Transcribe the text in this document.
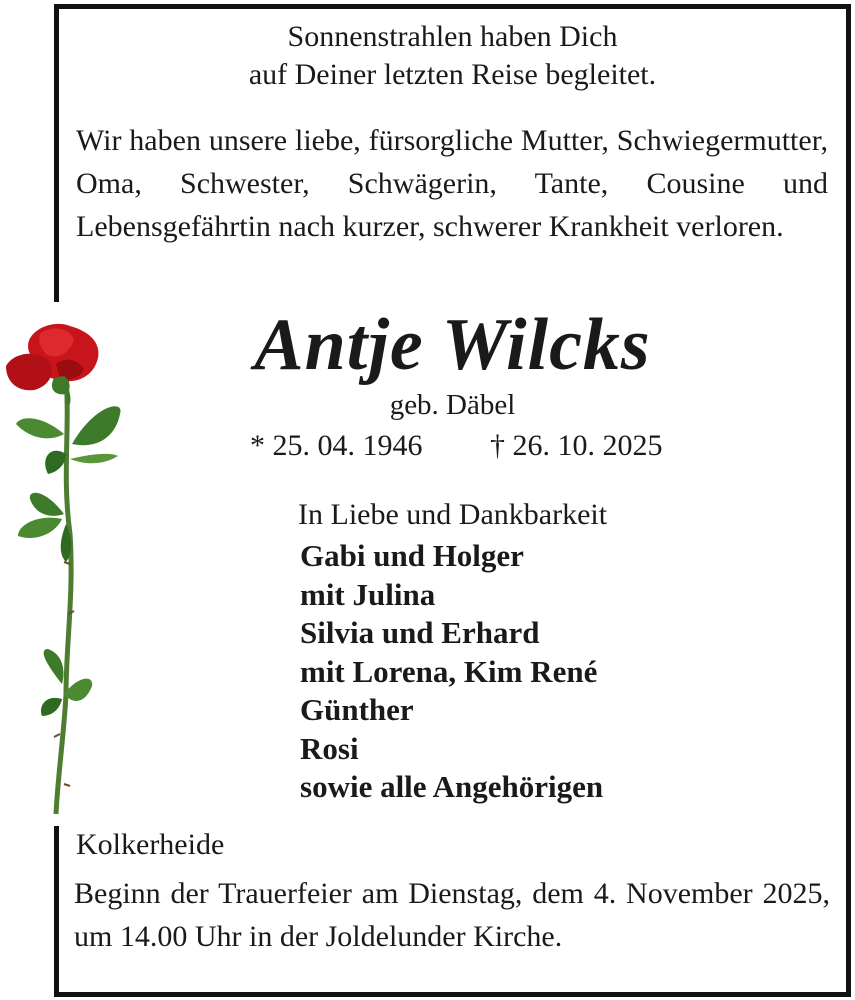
Sonnenstrahlen haben Dich
auf Deiner letzten Reise begleitet.
Wir haben unsere liebe, fürsorgliche Mutter, Schwiegermutter, Oma, Schwester, Schwägerin, Tante, Cousine und Lebensgefährtin nach kurzer, schwerer Krankheit verloren.
Antje Wilcks
geb. Däbel
* 25. 04. 1946 † 26. 10. 2025
In Liebe und Dankbarkeit
Gabi und Holger
mit Julina
Silvia und Erhard
mit Lorena, Kim René
Günther
Rosi
sowie alle Angehörigen
Kolkerheide
Beginn der Trauerfeier am Dienstag, dem 4. November 2025, um 14.00 Uhr in der Joldelunder Kirche.
